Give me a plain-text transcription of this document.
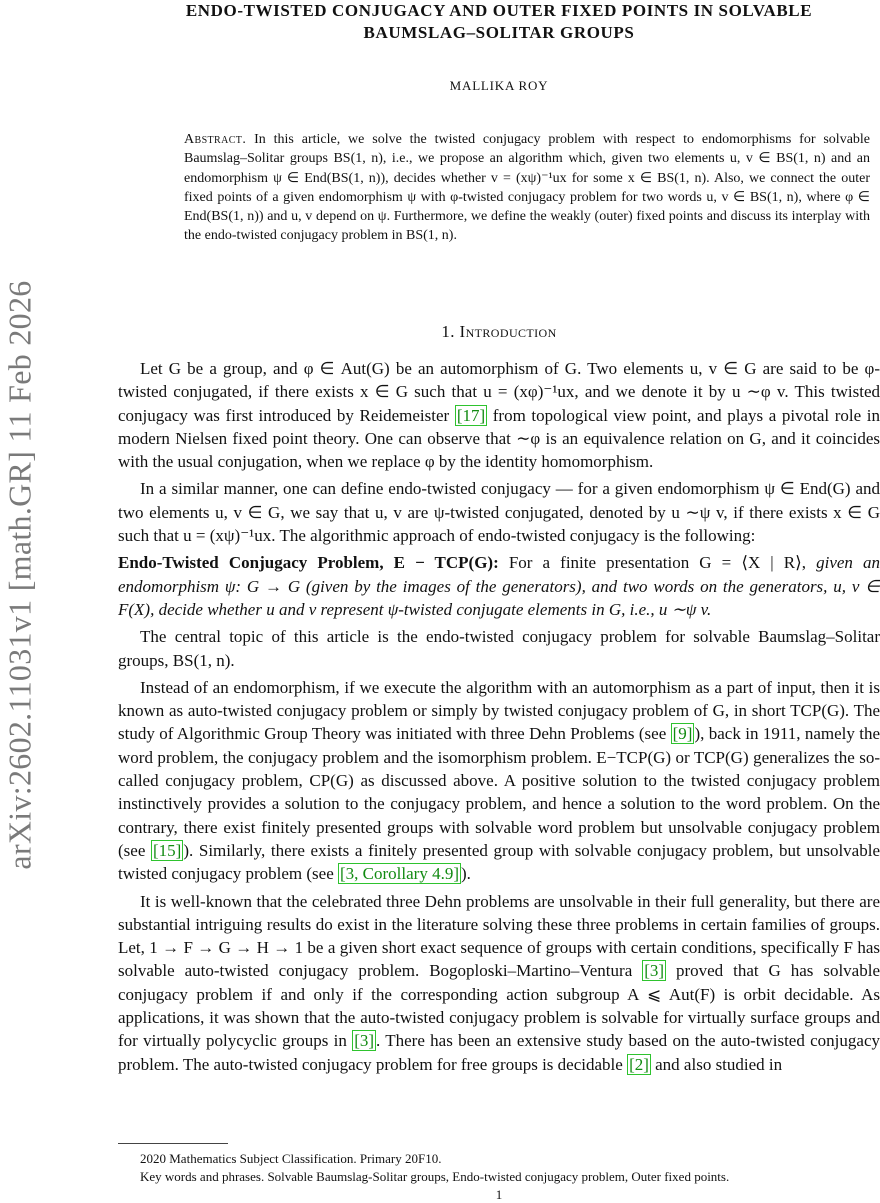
arXiv:2602.11031v1 [math.GR] 11 Feb 2026
ENDO-TWISTED CONJUGACY AND OUTER FIXED POINTS IN SOLVABLE
BAUMSLAG–SOLITAR GROUPS
MALLIKA ROY
Abstract. In this article, we solve the twisted conjugacy problem with respect to endomorphisms for solvable Baumslag–Solitar groups BS(1, n), i.e., we propose an algorithm which, given two elements u, v ∈ BS(1, n) and an endomorphism ψ ∈ End(BS(1, n)), decides whether v = (xψ)⁻¹ux for some x ∈ BS(1, n). Also, we connect the outer fixed points of a given endomorphism ψ with φ-twisted conjugacy problem for two words u, v ∈ BS(1, n), where φ ∈ End(BS(1, n)) and u, v depend on ψ. Furthermore, we define the weakly (outer) fixed points and discuss its interplay with the endo-twisted conjugacy problem in BS(1, n).
1. Introduction

Let G be a group, and φ ∈ Aut(G) be an automorphism of G. Two elements u, v ∈ G are said to be φ-twisted conjugated, if there exists x ∈ G such that u = (xφ)⁻¹ux, and we denote it by u ∼φ v. This twisted conjugacy was first introduced by Reidemeister [17] from topological view point, and plays a pivotal role in modern Nielsen fixed point theory. One can observe that ∼φ is an equivalence relation on G, and it coincides with the usual conjugation, when we replace φ by the identity homomorphism.

In a similar manner, one can define endo-twisted conjugacy — for a given endomorphism ψ ∈ End(G) and two elements u, v ∈ G, we say that u, v are ψ-twisted conjugated, denoted by u ∼ψ v, if there exists x ∈ G such that u = (xψ)⁻¹ux. The algorithmic approach of endo-twisted conjugacy is the following:

Endo-Twisted Conjugacy Problem, E − TCP(G): For a finite presentation G = ⟨X | R⟩, given an endomorphism ψ: G → G (given by the images of the generators), and two words on the generators, u, v ∈ F(X), decide whether u and v represent ψ-twisted conjugate elements in G, i.e., u ∼ψ v.

The central topic of this article is the endo-twisted conjugacy problem for solvable Baumslag–Solitar groups, BS(1, n).

Instead of an endomorphism, if we execute the algorithm with an automorphism as a part of input, then it is known as auto-twisted conjugacy problem or simply by twisted conjugacy problem of G, in short TCP(G). The study of Algorithmic Group Theory was initiated with three Dehn Problems (see [9] ), back in 1911, namely the word problem, the conjugacy problem and the isomorphism problem. E−TCP(G) or TCP(G) generalizes the so-called conjugacy problem, CP(G) as discussed above. A positive solution to the twisted conjugacy problem instinctively provides a solution to the conjugacy problem, and hence a solution to the word problem. On the contrary, there exist finitely presented groups with solvable word problem but unsolvable conjugacy problem (see [15] ). Similarly, there exists a finitely presented group with solvable conjugacy problem, but unsolvable twisted conjugacy problem (see [3, Corollary 4.9] ).

It is well-known that the celebrated three Dehn problems are unsolvable in their full generality, but there are substantial intriguing results do exist in the literature solving these three problems in certain families of groups. Let, 1 → F → G → H → 1 be a given short exact sequence of groups with certain conditions, specifically F has solvable auto-twisted conjugacy problem. Bogoploski–Martino–Ventura [3] proved that G has solvable conjugacy problem if and only if the corresponding action subgroup A ⩽ Aut(F) is orbit decidable. As applications, it was shown that the auto-twisted conjugacy problem is solvable for virtually surface groups and for virtually polycyclic groups in [3] . There has been an extensive study based on the auto-twisted conjugacy problem. The auto-twisted conjugacy problem for free groups is decidable [2] and also studied in

2020 Mathematics Subject Classification. Primary 20F10.
Key words and phrases. Solvable Baumslag-Solitar groups, Endo-twisted conjugacy problem, Outer fixed points.
1
